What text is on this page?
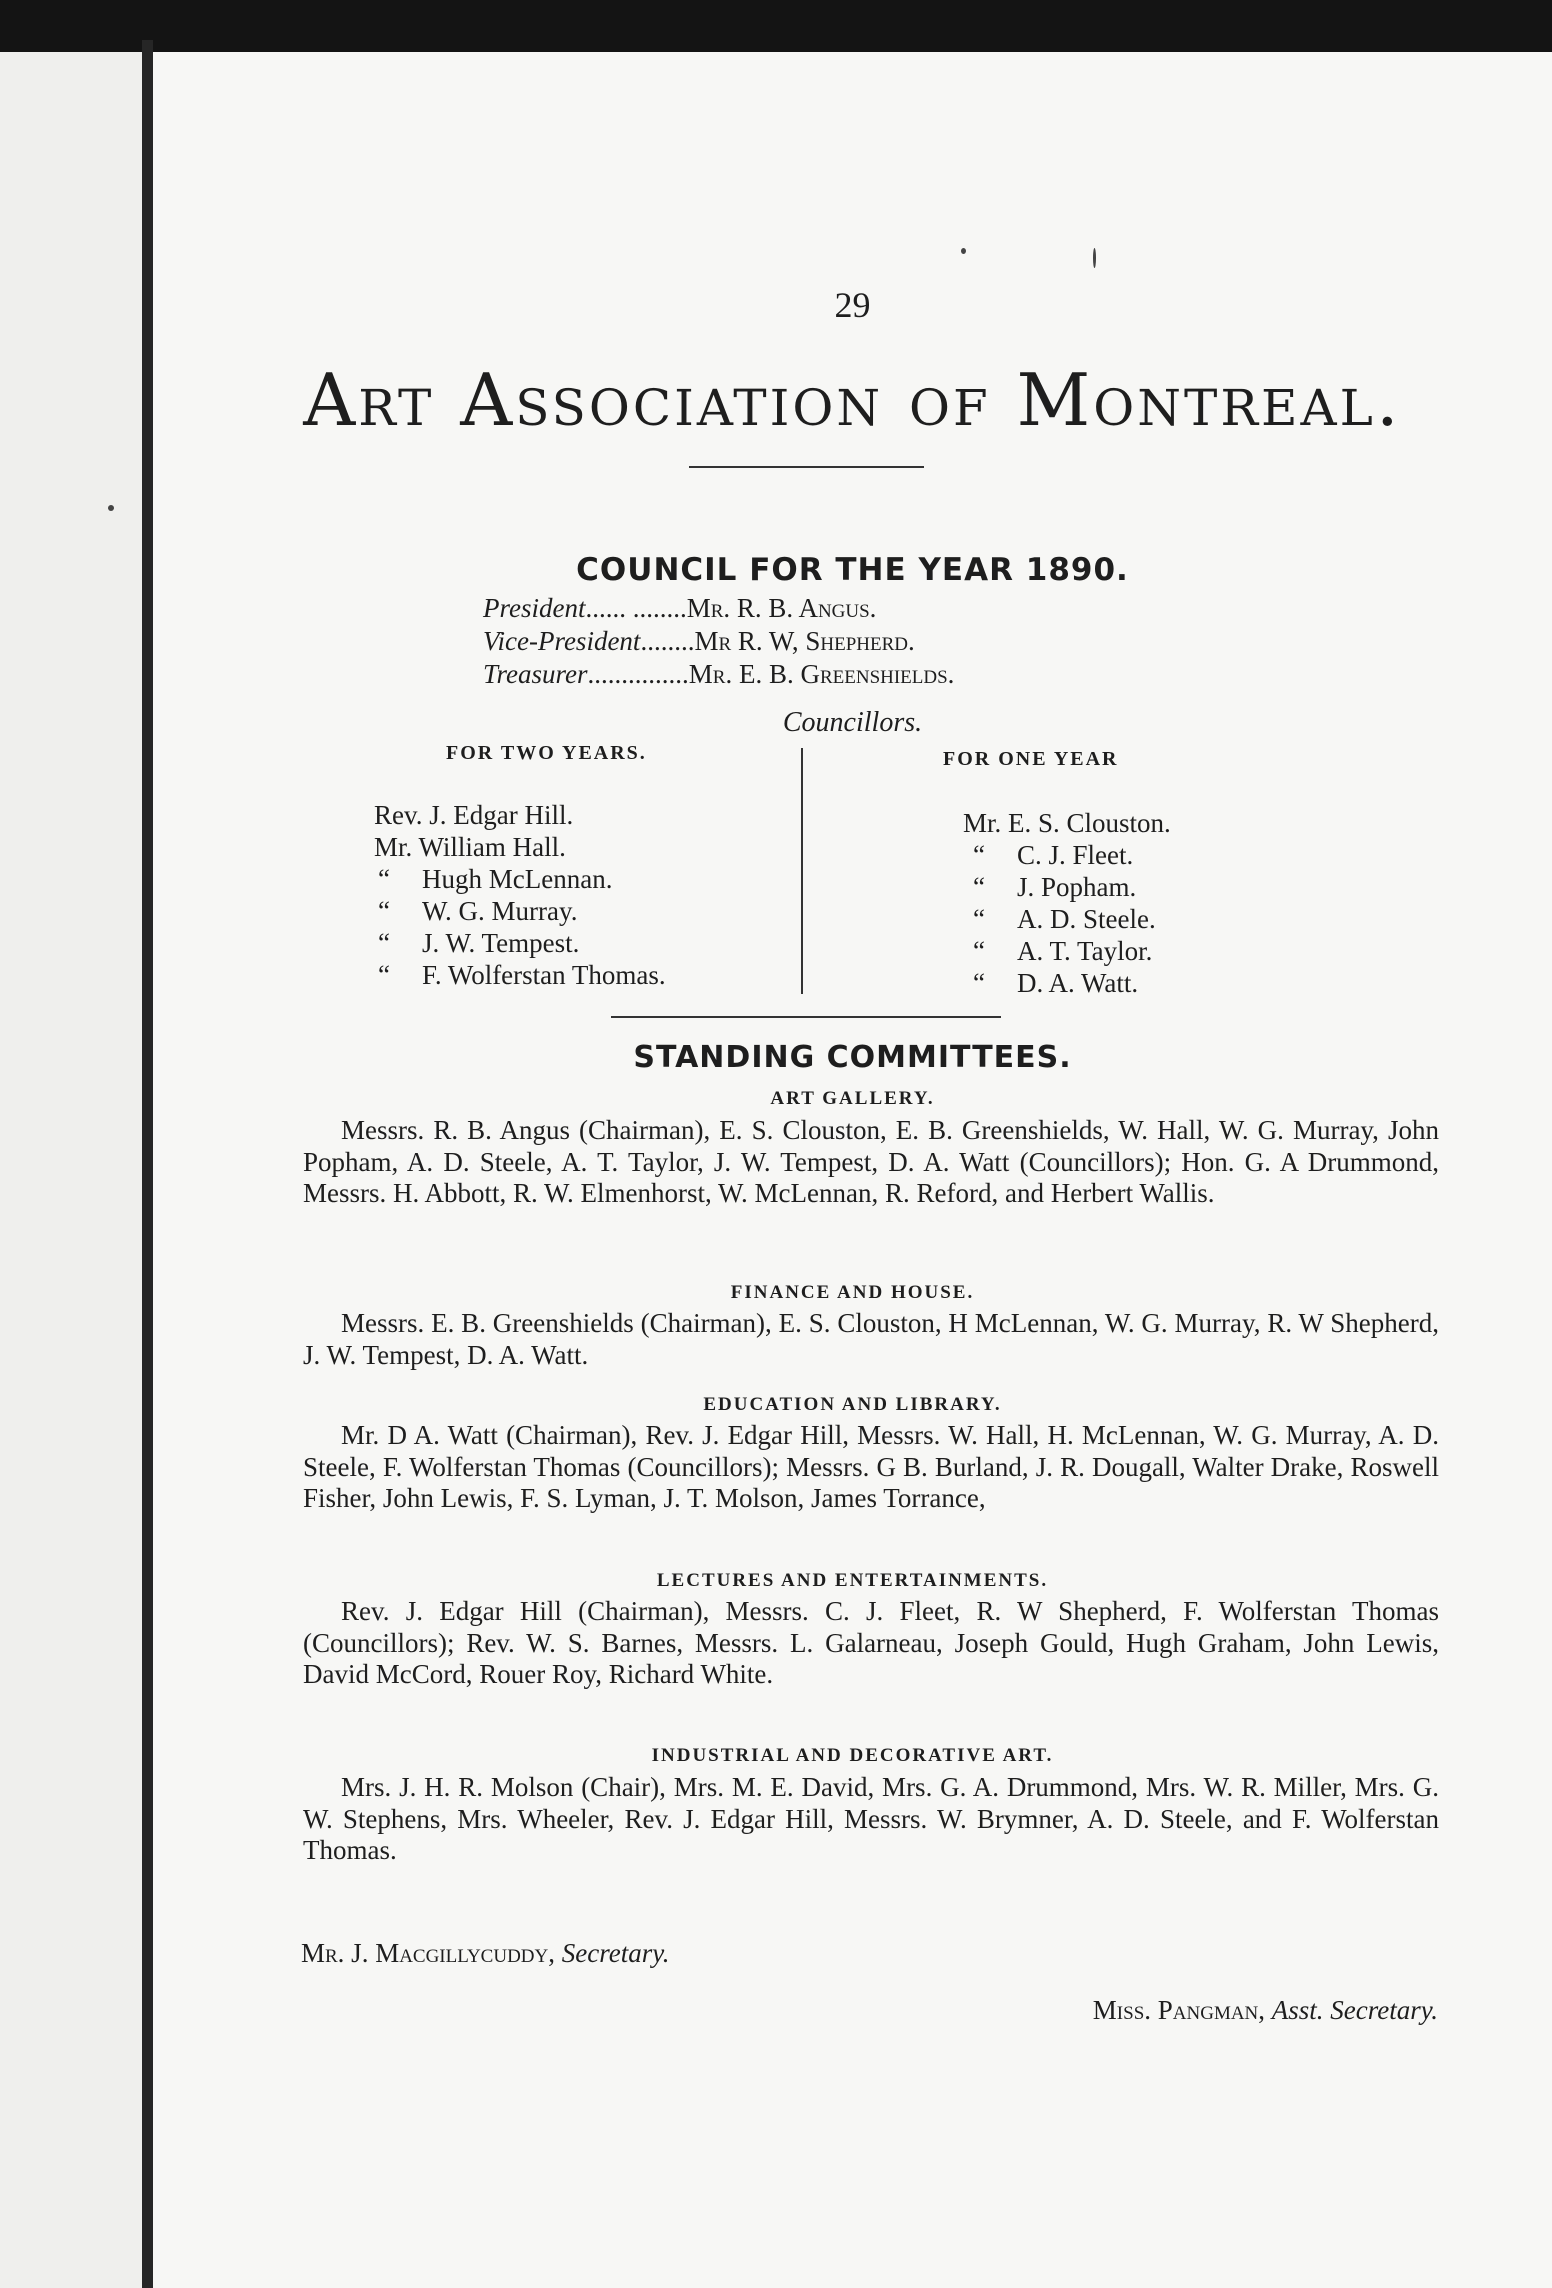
29
Art Association of Montreal.
COUNCIL FOR THE YEAR 1890.
President...... ........Mr. R. B. Angus.
Vice-President........Mr R. W, Shepherd.
Treasurer...............Mr. E. B. Greenshields.
Councillors.
FOR TWO YEARS.	FOR ONE YEAR
Rev. J. Edgar Hill.
Mr. William Hall.
“ Hugh McLennan.
“ W. G. Murray.
“ J. W. Tempest.
“ F. Wolferstan Thomas.
Mr. E. S. Clouston.
“ C. J. Fleet.
“ J. Popham.
“ A. D. Steele.
“ A. T. Taylor.
“ D. A. Watt.
STANDING COMMITTEES.
ART GALLERY.
Messrs. R. B. Angus (Chairman), E. S. Clouston, E. B. Greenshields, W. Hall, W. G. Murray, John Popham, A. D. Steele, A. T. Taylor, J. W. Tempest, D. A. Watt (Councillors); Hon. G. A Drummond, Messrs. H. Abbott, R. W. Elmenhorst, W. McLennan, R. Reford, and Herbert Wallis.
FINANCE AND HOUSE.
Messrs. E. B. Greenshields (Chairman), E. S. Clouston, H McLennan, W. G. Murray, R. W Shepherd, J. W. Tempest, D. A. Watt.
EDUCATION AND LIBRARY.
Mr. D A. Watt (Chairman), Rev. J. Edgar Hill, Messrs. W. Hall, H. McLennan, W. G. Murray, A. D. Steele, F. Wolferstan Thomas (Councillors); Messrs. G B. Burland, J. R. Dougall, Walter Drake, Roswell Fisher, John Lewis, F. S. Lyman, J. T. Molson, James Torrance,
LECTURES AND ENTERTAINMENTS.
Rev. J. Edgar Hill (Chairman), Messrs. C. J. Fleet, R. W Shepherd, F. Wolferstan Thomas (Councillors); Rev. W. S. Barnes, Messrs. L. Galarneau, Joseph Gould, Hugh Graham, John Lewis, David McCord, Rouer Roy, Richard White.
INDUSTRIAL AND DECORATIVE ART.
Mrs. J. H. R. Molson (Chair), Mrs. M. E. David, Mrs. G. A. Drummond, Mrs. W. R. Miller, Mrs. G. W. Stephens, Mrs. Wheeler, Rev. J. Edgar Hill, Messrs. W. Brymner, A. D. Steele, and F. Wolferstan Thomas.
Mr. J. Macgillycuddy, Secretary.
Miss. Pangman, Asst. Secretary.
